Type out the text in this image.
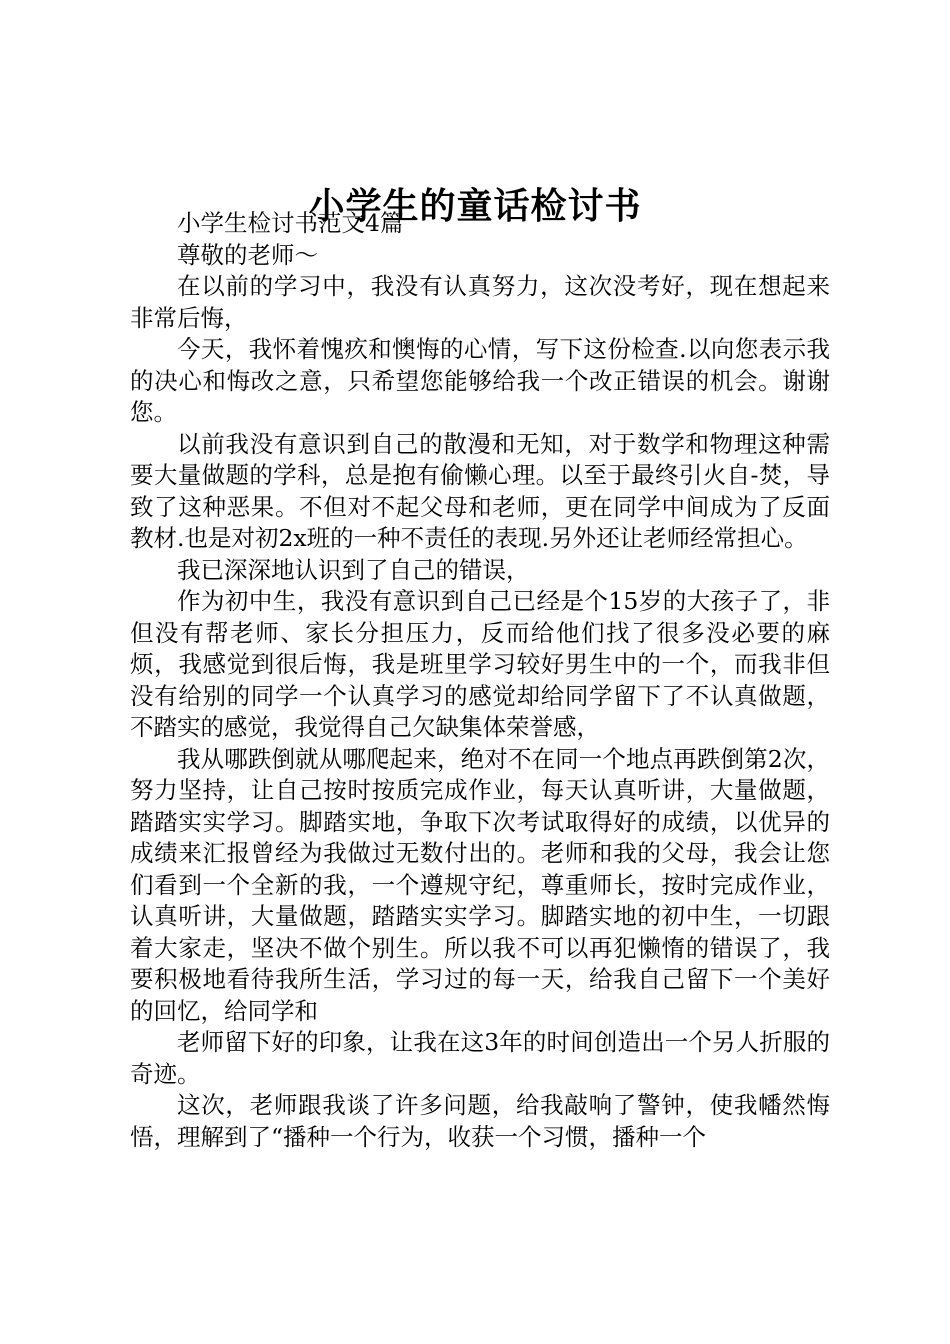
小学生的童话检讨书

小学生检讨书范文4篇

尊敬的老师～

在以前的学习中，我没有认真努力，这次没考好，现在想起来非常后悔，

今天，我怀着愧疚和懊悔的心情，写下这份检查.以向您表示我的决心和悔改之意，只希望您能够给我一个改正错误的机会。谢谢您。

以前我没有意识到自己的散漫和无知，对于数学和物理这种需要大量做题的学科，总是抱有偷懒心理。以至于最终引火自-焚，导致了这种恶果。不但对不起父母和老师，更在同学中间成为了反面教材.也是对初2x班的一种不责任的表现.另外还让老师经常担心。

我已深深地认识到了自己的错误，

作为初中生，我没有意识到自己已经是个15岁的大孩子了，非但没有帮老师、家长分担压力，反而给他们找了很多没必要的麻烦，我感觉到很后悔，我是班里学习较好男生中的一个，而我非但没有给别的同学一个认真学习的感觉却给同学留下了不认真做题，不踏实的感觉，我觉得自己欠缺集体荣誉感，

我从哪跌倒就从哪爬起来，绝对不在同一个地点再跌倒第2次，努力坚持，让自己按时按质完成作业，每天认真听讲，大量做题，踏踏实实学习。脚踏实地，争取下次考试取得好的成绩，以优异的成绩来汇报曾经为我做过无数付出的。老师和我的父母，我会让您们看到一个全新的我，一个遵规守纪，尊重师长，按时完成作业，认真听讲，大量做题，踏踏实实学习。脚踏实地的初中生，一切跟着大家走，坚决不做个别生。所以我不可以再犯懒惰的错误了，我要积极地看待我所生活，学习过的每一天，给我自己留下一个美好的回忆，给同学和

老师留下好的印象，让我在这3年的时间创造出一个另人折服的奇迹。

这次，老师跟我谈了许多问题，给我敲响了警钟，使我幡然悔悟，理解到了“播种一个行为，收获一个习惯，播种一个
